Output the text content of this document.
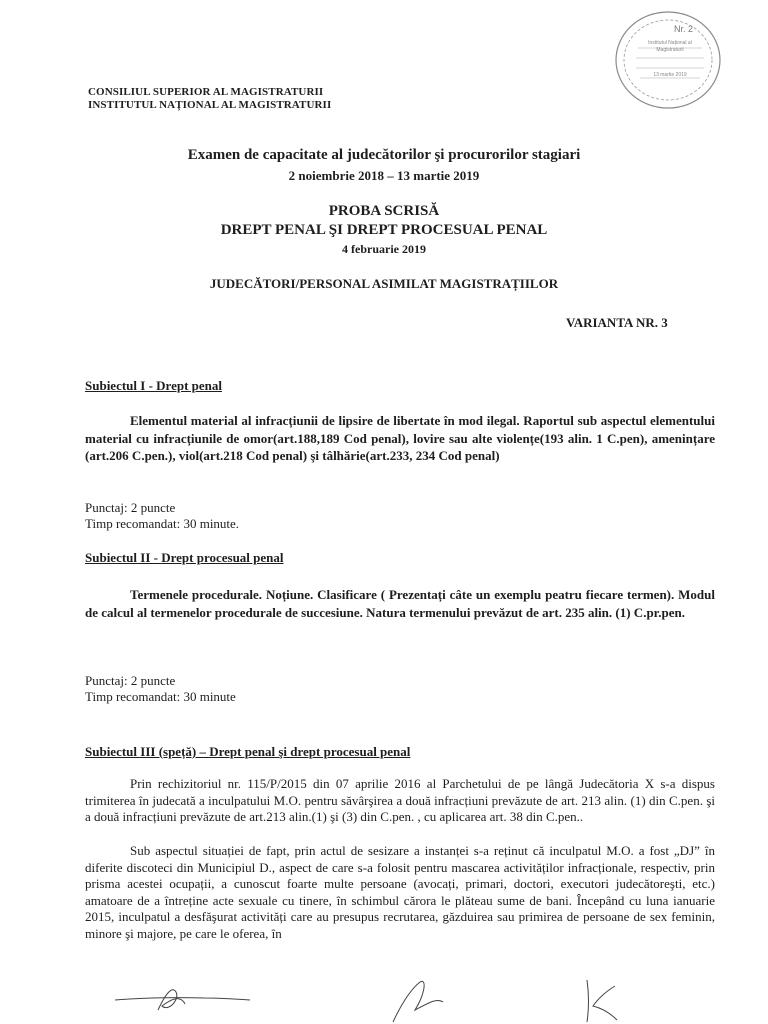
Nr. 2
Institutul Național al Magistraturii
13 martie 2019
CONSILIUL SUPERIOR AL MAGISTRATURII
INSTITUTUL NAȚIONAL AL MAGISTRATURII
Examen de capacitate al judecătorilor şi procurorilor stagiari
2 noiembrie 2018 – 13 martie 2019
PROBA SCRISĂ
DREPT PENAL ŞI DREPT PROCESUAL PENAL
4 februarie 2019
JUDECĂTORI/PERSONAL ASIMILAT MAGISTRAȚIILOR
VARIANTA NR. 3
Subiectul I - Drept penal
Elementul material al infracțiunii de lipsire de libertate în mod ilegal. Raportul sub aspectul elementului material cu infracțiunile de omor(art.188,189 Cod penal), lovire sau alte violențe(193 alin. 1 C.pen), amenințare (art.206 C.pen.), viol(art.218 Cod penal) şi tâlhărie(art.233, 234 Cod penal)
Punctaj: 2 puncte
Timp recomandat: 30 minute.
Subiectul II - Drept procesual penal
Termenele procedurale. Noțiune. Clasificare ( Prezentați câte un exemplu peatru fiecare termen). Modul de calcul al termenelor procedurale de succesiune. Natura termenului prevăzut de art. 235 alin. (1) C.pr.pen.
Punctaj: 2 puncte
Timp recomandat: 30 minute
Subiectul III (speță) – Drept penal şi drept procesual penal
Prin rechizitoriul nr. 115/P/2015 din 07 aprilie 2016 al Parchetului de pe lângă Judecătoria X s-a dispus trimiterea în judecată a inculpatului M.O. pentru săvârşirea a două infracțiuni prevăzute de art. 213 alin. (1) din C.pen. şi a două infracțiuni prevăzute de art.213 alin.(1) şi (3) din C.pen. , cu aplicarea art. 38 din C.pen..
Sub aspectul situației de fapt, prin actul de sesizare a instanței s-a reținut că inculpatul M.O. a fost „DJ” în diferite discoteci din Municipiul D., aspect de care s-a folosit pentru mascarea activităților infracționale, respectiv, prin prisma acestei ocupații, a cunoscut foarte multe persoane (avocați, primari, doctori, executori judecătoreşti, etc.) amatoare de a întreține acte sexuale cu tinere, în schimbul cărora le plăteau sume de bani. Începând cu luna ianuarie 2015, inculpatul a desfăşurat activități care au presupus recrutarea, găzduirea sau primirea de persoane de sex feminin, minore şi majore, pe care le oferea, în
